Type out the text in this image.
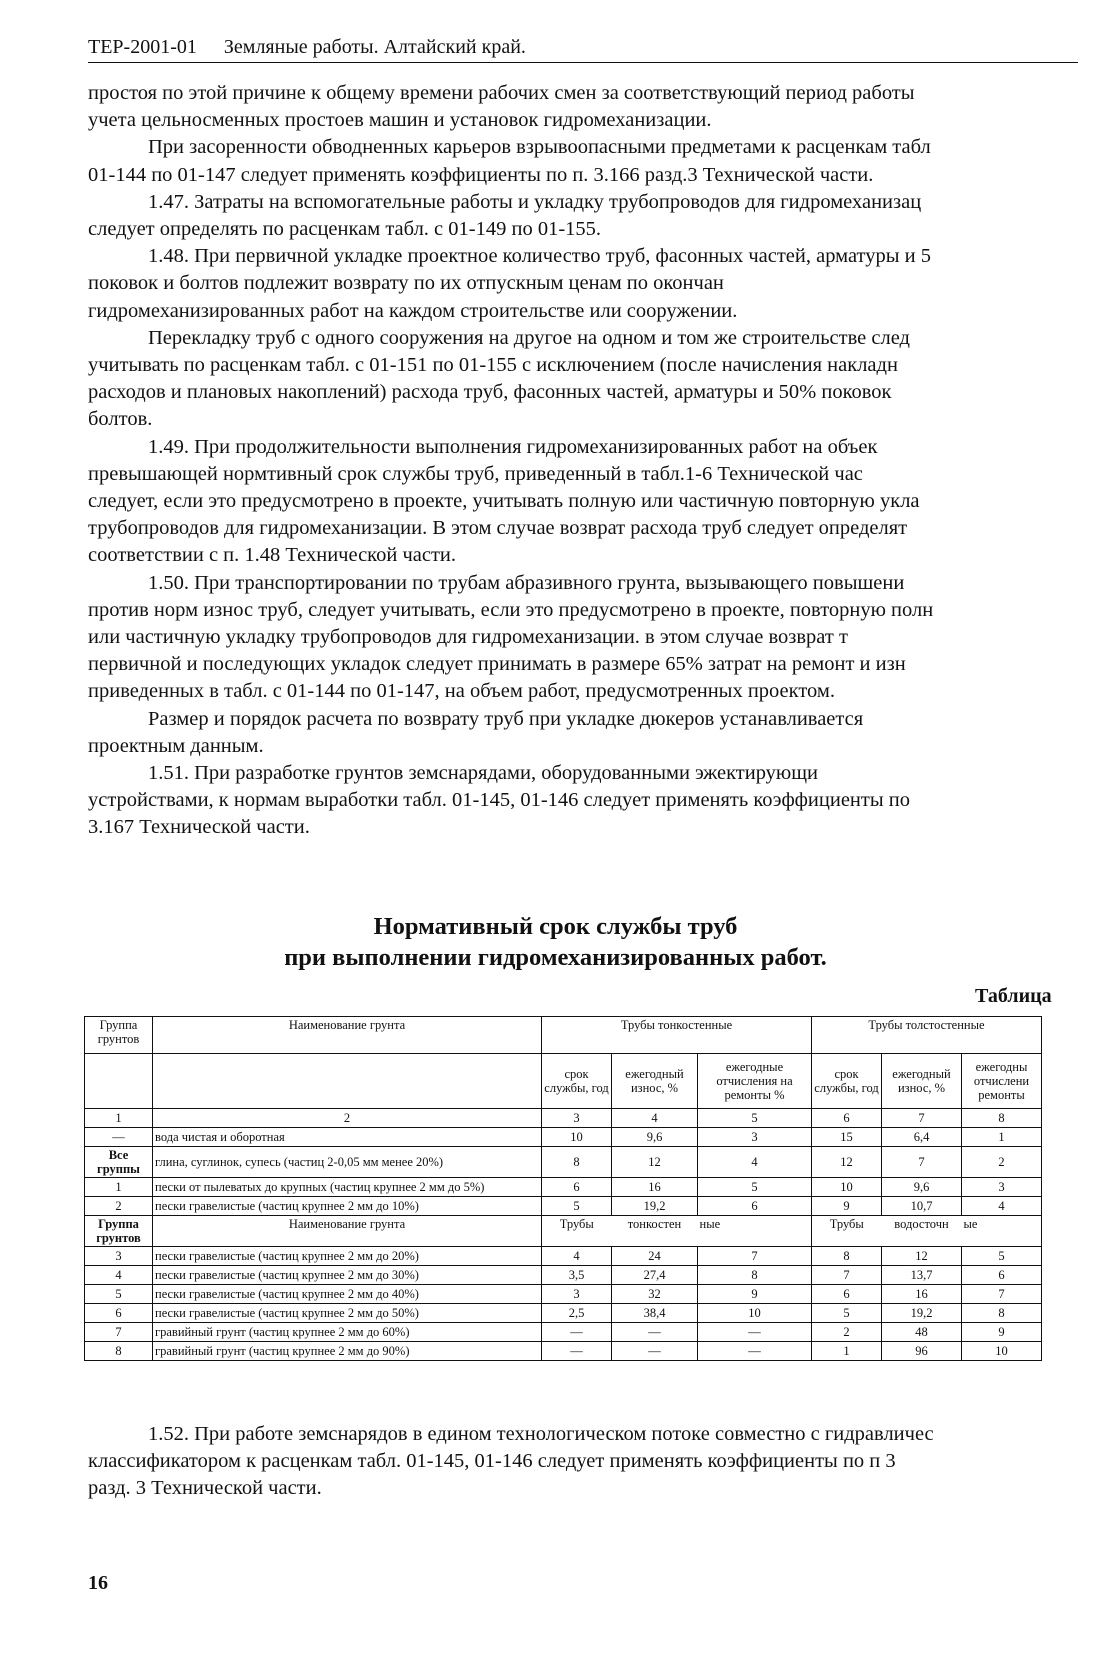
ТЕР-2001-01 Земляные работы. Алтайский край.

простоя по этой причине к общему времени рабочих смен за соответствующий период работы

учета цельносменных простоев машин и установок гидромеханизации.

При засоренности обводненных карьеров взрывоопасными предметами к расценкам табл

01-144 по 01-147 следует применять коэффициенты по п. 3.166 разд.3 Технической части.

1.47. Затраты на вспомогательные работы и укладку трубопроводов для гидромеханизац

следует определять по расценкам табл. с 01-149 по 01-155.

1.48. При первичной укладке проектное количество труб, фасонных частей, арматуры и 5

поковок и болтов подлежит возврату по их отпускным ценам по окончан

гидромеханизированных работ на каждом строительстве или сооружении.

Перекладку труб с одного сооружения на другое на одном и том же строительстве след

учитывать по расценкам табл. с 01-151 по 01-155 с исключением (после начисления накладн

расходов и плановых накоплений) расхода труб, фасонных частей, арматуры и 50% поковок

болтов.

1.49. При продолжительности выполнения гидромеханизированных работ на объек

превышающей нормтивный срок службы труб, приведенный в табл.1-6 Технической час

следует, если это предусмотрено в проекте, учитывать полную или частичную повторную укла

трубопроводов для гидромеханизации. В этом случае возврат расхода труб следует определят

соответствии с п. 1.48 Технической части.

1.50. При транспортировании по трубам абразивного грунта, вызывающего повышени

против норм износ труб, следует учитывать, если это предусмотрено в проекте, повторную полн

или частичную укладку трубопроводов для гидромеханизации. в этом случае возврат т

первичной и последующих укладок следует принимать в размере 65% затрат на ремонт и изн

приведенных в табл. с 01-144 по 01-147, на объем работ, предусмотренных проектом.

Размер и порядок расчета по возврату труб при укладке дюкеров устанавливается

проектным данным.

1.51. При разработке грунтов земснарядами, оборудованными эжектирующи

устройствами, к нормам выработки табл. 01-145, 01-146 следует применять коэффициенты по

3.167 Технической части.

Нормативный срок службы труб
при выполнении гидромеханизированных работ.
Таблица
Группа грунтов	Наименование грунта	Трубы тонкостенные			Трубы толстостенные		
		срок службы, год	ежегодный износ, %	ежегодные отчисления на ремонты %	срок службы, год	ежегодный износ, %	ежегодны отчислени ремонты
1	2	3	4	5	6	7	8
—	вода чистая и оборотная	10	9,6	3	15	6,4	1
Все группы	глина, суглинок, супесь (частиц 2-0,05 мм менее 20%)	8	12	4	12	7	2
1	пески от пылеватых до крупных (частиц крупнее 2 мм до 5%)	6	16	5	10	9,6	3
2	пески гравелистые (частиц крупнее 2 мм до 10%)	5	19,2	6	9	10,7	4
Группа грунтов	Наименование грунта	Трубы	тонкостен	ные	Трубы	водосточн	ые
3	пески гравелистые (частиц крупнее 2 мм до 20%)	4	24	7	8	12	5
4	пески гравелистые (частиц крупнее 2 мм до 30%)	3,5	27,4	8	7	13,7	6
5	пески гравелистые (частиц крупнее 2 мм до 40%)	3	32	9	6	16	7
6	пески гравелистые (частиц крупнее 2 мм до 50%)	2,5	38,4	10	5	19,2	8
7	гравийный грунт (частиц крупнее 2 мм до 60%)	—	—	—	2	48	9
8	гравийный грунт (частиц крупнее 2 мм до 90%)	—	—	—	1	96	10

1.52. При работе земснарядов в едином технологическом потоке совместно с гидравличес

классификатором к расценкам табл. 01-145, 01-146 следует применять коэффициенты по п 3

разд. 3 Технической части.

16
